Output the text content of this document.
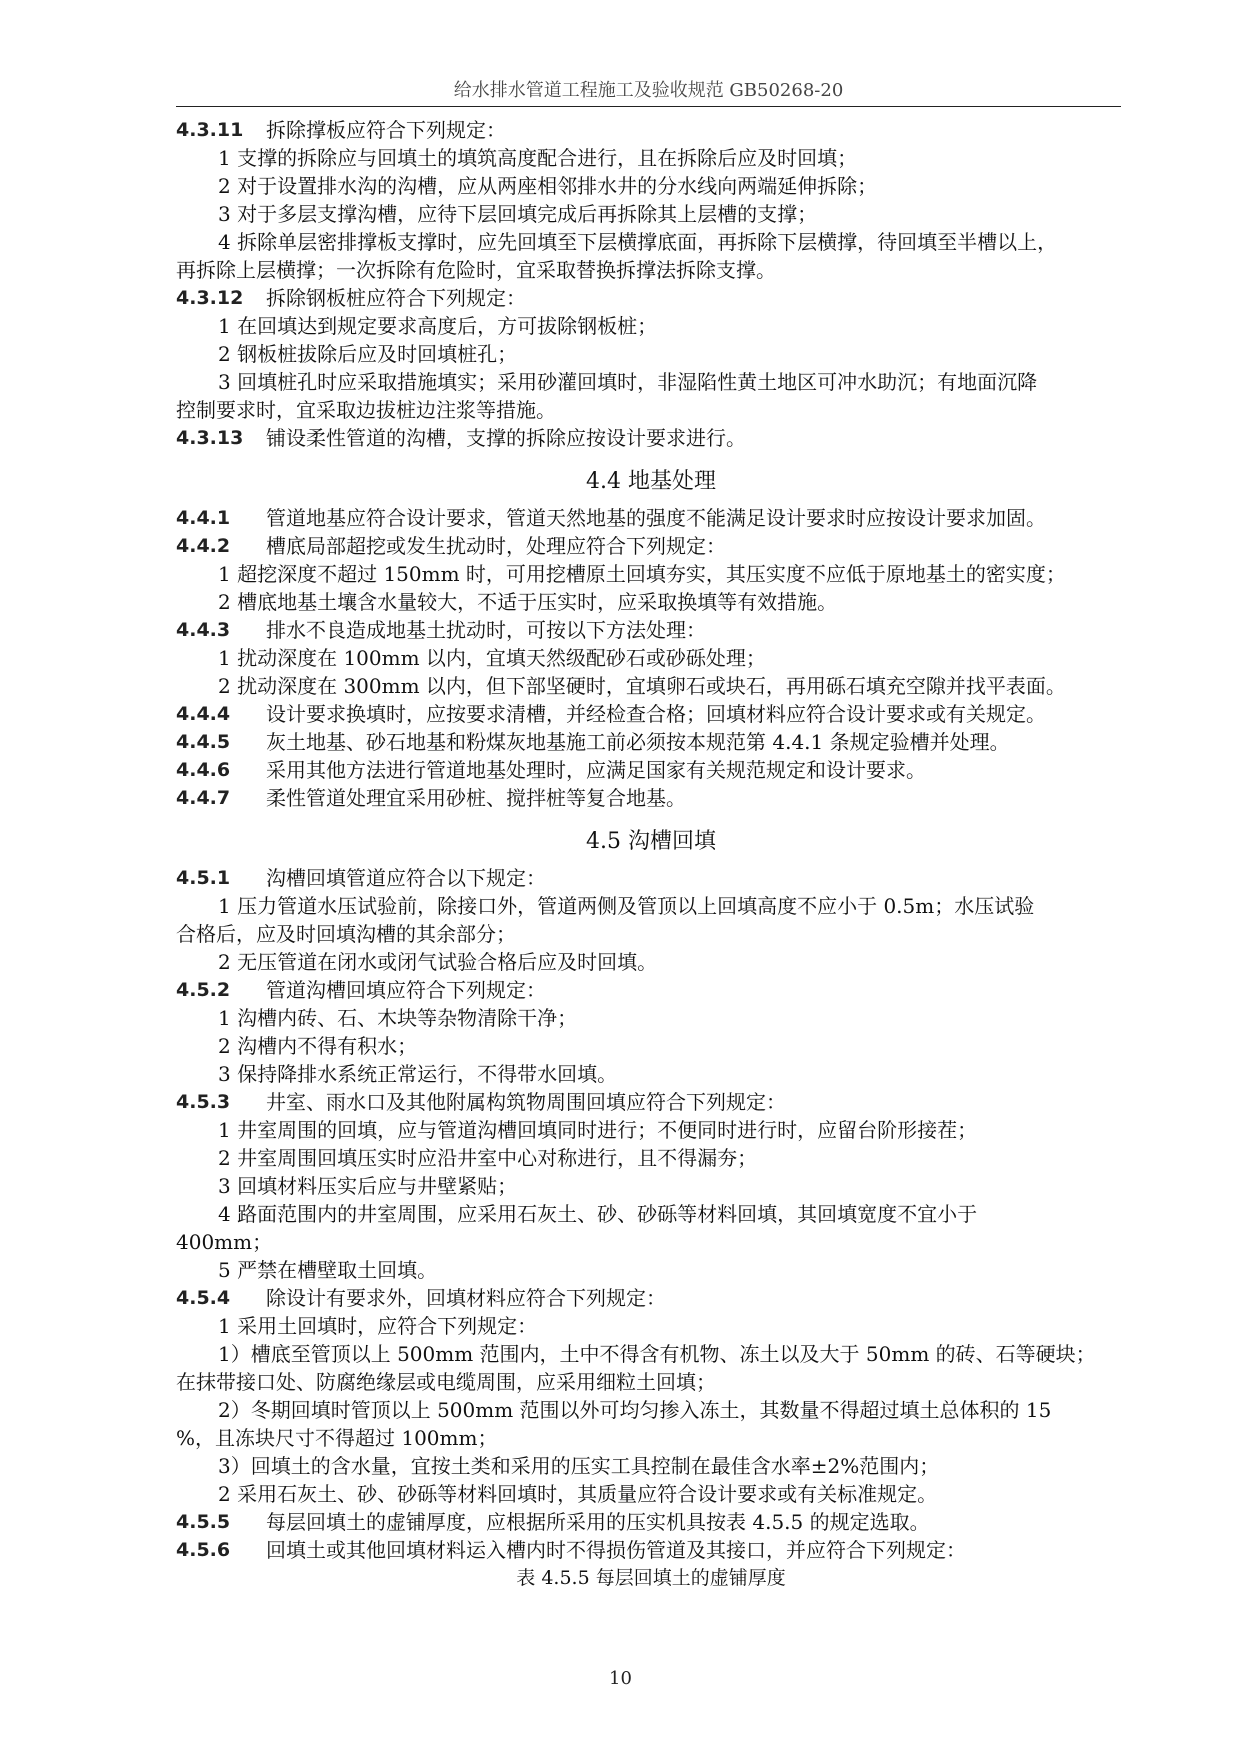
给水排水管道工程施工及验收规范 GB50268-20
4.3.11 拆除撑板应符合下列规定：
1 支撑的拆除应与回填土的填筑高度配合进行，且在拆除后应及时回填；
2 对于设置排水沟的沟槽，应从两座相邻排水井的分水线向两端延伸拆除；
3 对于多层支撑沟槽，应待下层回填完成后再拆除其上层槽的支撑；
4 拆除单层密排撑板支撑时，应先回填至下层横撑底面，再拆除下层横撑，待回填至半槽以上，
再拆除上层横撑；一次拆除有危险时，宜采取替换拆撑法拆除支撑。
4.3.12 拆除钢板桩应符合下列规定：
1 在回填达到规定要求高度后，方可拔除钢板桩；
2 钢板桩拔除后应及时回填桩孔；
3 回填桩孔时应采取措施填实；采用砂灌回填时，非湿陷性黄土地区可冲水助沉；有地面沉降
控制要求时，宜采取边拔桩边注浆等措施。
4.3.13 铺设柔性管道的沟槽，支撑的拆除应按设计要求进行。
4.4 地基处理
4.4.1 管道地基应符合设计要求，管道天然地基的强度不能满足设计要求时应按设计要求加固。
4.4.2 槽底局部超挖或发生扰动时，处理应符合下列规定：
1 超挖深度不超过 150mm 时，可用挖槽原土回填夯实，其压实度不应低于原地基土的密实度；
2 槽底地基土壤含水量较大，不适于压实时，应采取换填等有效措施。
4.4.3 排水不良造成地基土扰动时，可按以下方法处理：
1 扰动深度在 100mm 以内，宜填天然级配砂石或砂砾处理；
2 扰动深度在 300mm 以内，但下部坚硬时，宜填卵石或块石，再用砾石填充空隙并找平表面。
4.4.4 设计要求换填时，应按要求清槽，并经检查合格；回填材料应符合设计要求或有关规定。
4.4.5 灰土地基、砂石地基和粉煤灰地基施工前必须按本规范第 4.4.1 条规定验槽并处理。
4.4.6 采用其他方法进行管道地基处理时，应满足国家有关规范规定和设计要求。
4.4.7 柔性管道处理宜采用砂桩、搅拌桩等复合地基。
4.5 沟槽回填
4.5.1 沟槽回填管道应符合以下规定：
1 压力管道水压试验前，除接口外，管道两侧及管顶以上回填高度不应小于 0.5m；水压试验
合格后，应及时回填沟槽的其余部分；
2 无压管道在闭水或闭气试验合格后应及时回填。
4.5.2 管道沟槽回填应符合下列规定：
1 沟槽内砖、石、木块等杂物清除干净；
2 沟槽内不得有积水；
3 保持降排水系统正常运行，不得带水回填。
4.5.3 井室、雨水口及其他附属构筑物周围回填应符合下列规定：
1 井室周围的回填，应与管道沟槽回填同时进行；不便同时进行时，应留台阶形接茬；
2 井室周围回填压实时应沿井室中心对称进行，且不得漏夯；
3 回填材料压实后应与井壁紧贴；
4 路面范围内的井室周围，应采用石灰土、砂、砂砾等材料回填，其回填宽度不宜小于
400mm；
5 严禁在槽壁取土回填。
4.5.4 除设计有要求外，回填材料应符合下列规定：
1 采用土回填时，应符合下列规定：
1）槽底至管顶以上 500mm 范围内，土中不得含有机物、冻土以及大于 50mm 的砖、石等硬块；
在抹带接口处、防腐绝缘层或电缆周围，应采用细粒土回填；
2）冬期回填时管顶以上 500mm 范围以外可均匀掺入冻土，其数量不得超过填土总体积的 15
%，且冻块尺寸不得超过 100mm；
3）回填土的含水量，宜按土类和采用的压实工具控制在最佳含水率±2%范围内；
2 采用石灰土、砂、砂砾等材料回填时，其质量应符合设计要求或有关标准规定。
4.5.5 每层回填土的虚铺厚度，应根据所采用的压实机具按表 4.5.5 的规定选取。
4.5.6 回填土或其他回填材料运入槽内时不得损伤管道及其接口，并应符合下列规定：
表 4.5.5 每层回填土的虚铺厚度
10
